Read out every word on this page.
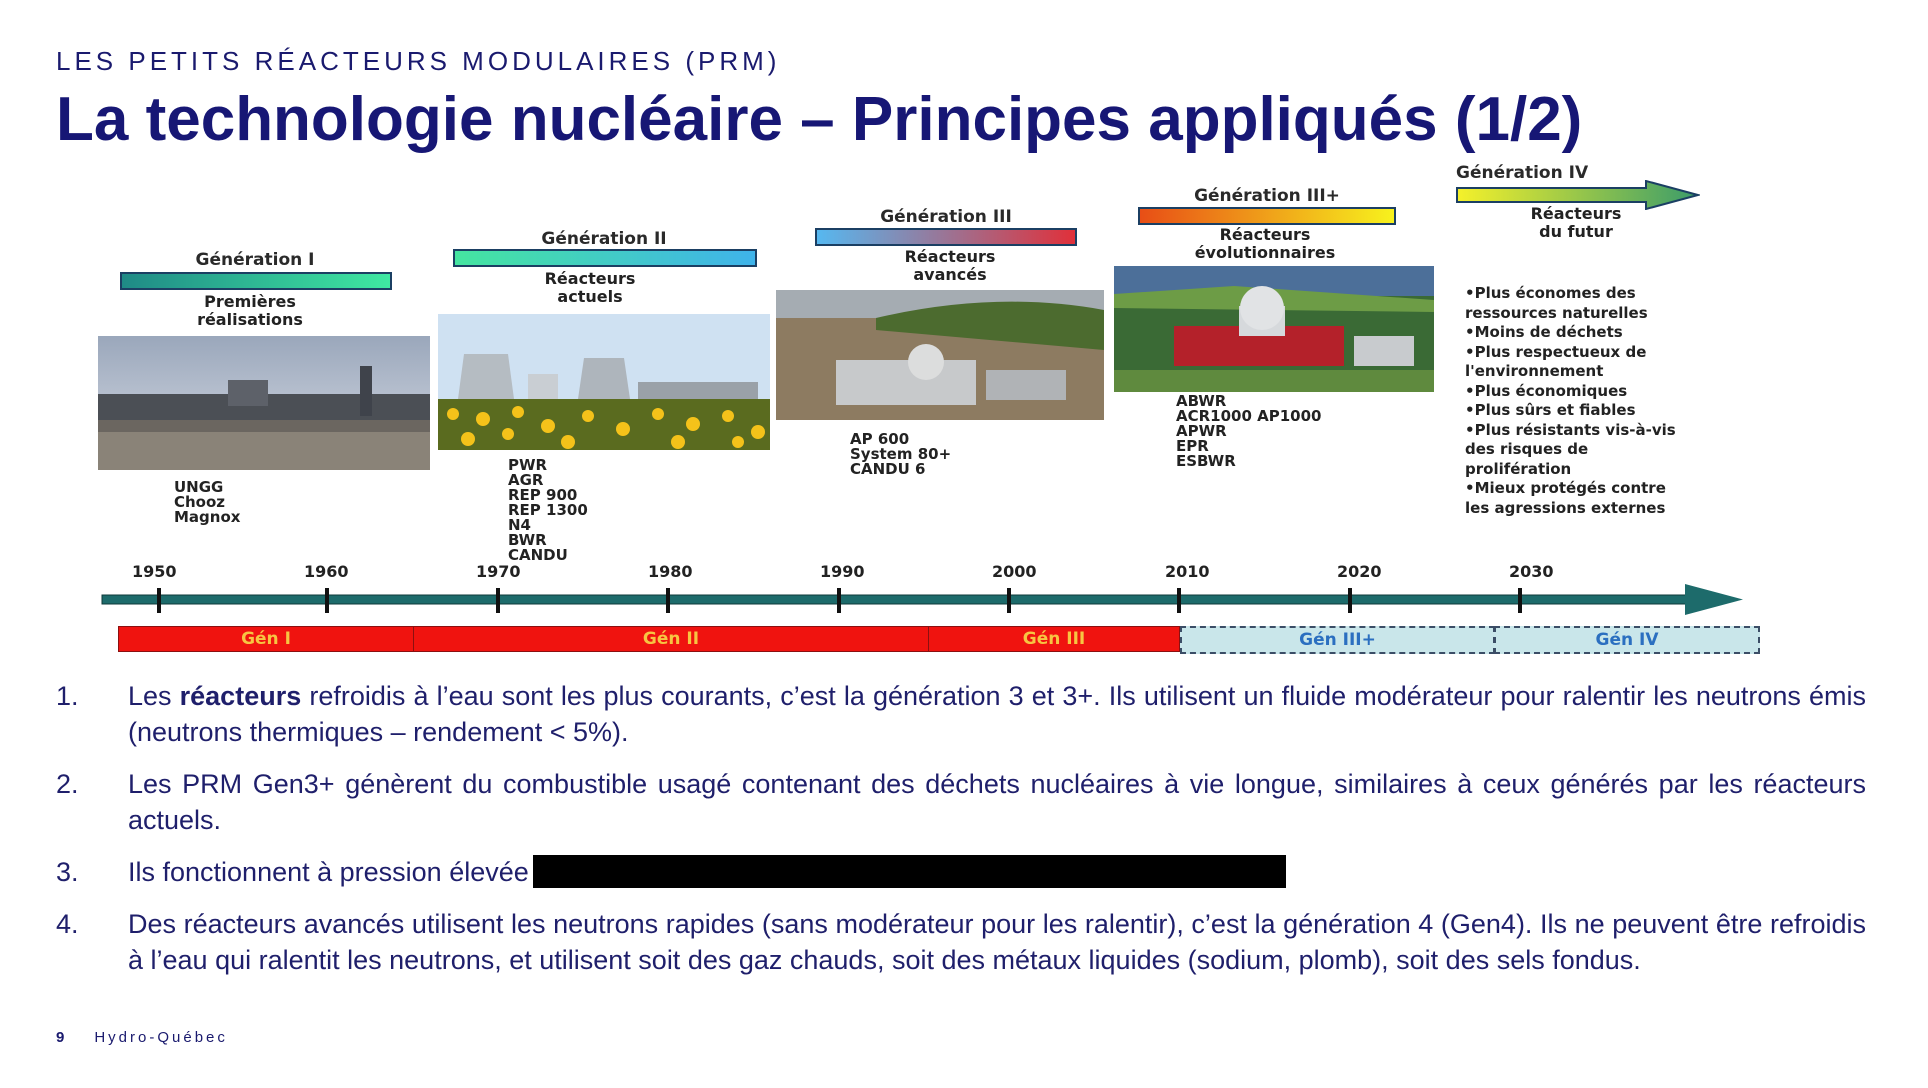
LES PETITS RÉACTEURS MODULAIRES (PRM)
La technologie nucléaire – Principes appliqués (1/2)
Génération I
Premières
réalisations
UNGG
Chooz
Magnox
Génération II
Réacteurs
actuels
PWR
AGR
REP 900
REP 1300
N4
BWR
CANDU
Génération III
Réacteurs
avancés
AP 600
System 80+
CANDU 6
Génération III+
Réacteurs
évolutionnaires
ABWR
ACR1000 AP1000
APWR
EPR
ESBWR
Génération IV
Réacteurs
du futur
•Plus économes des
ressources naturelles
•Moins de déchets
•Plus respectueux de
l'environnement
•Plus économiques
•Plus sûrs et fiables
•Plus résistants vis-à-vis
des risques de
prolifération
•Mieux protégés contre
les agressions externes
1950	1960	1970	1980	1990	2000	2010	2020	2030
Gén I	Gén II	Gén III	Gén III+	Gén IV
1. Les réacteurs refroidis à l’eau sont les plus courants, c’est la génération 3 et 3+. Ils utilisent un fluide modérateur pour ralentir les neutrons émis (neutrons thermiques – rendement < 5%).
2. Les PRM Gen3+ génèrent du combustible usagé contenant des déchets nucléaires à vie longue, similaires à ceux générés par les réacteurs actuels.
3. Ils fonctionnent à pression élevée
4. Des réacteurs avancés utilisent les neutrons rapides (sans modérateur pour les ralentir), c’est la génération 4 (Gen4). Ils ne peuvent être refroidis à l’eau qui ralentit les neutrons, et utilisent soit des gaz chauds, soit des métaux liquides (sodium, plomb), soit des sels fondus.
9 Hydro-Québec
